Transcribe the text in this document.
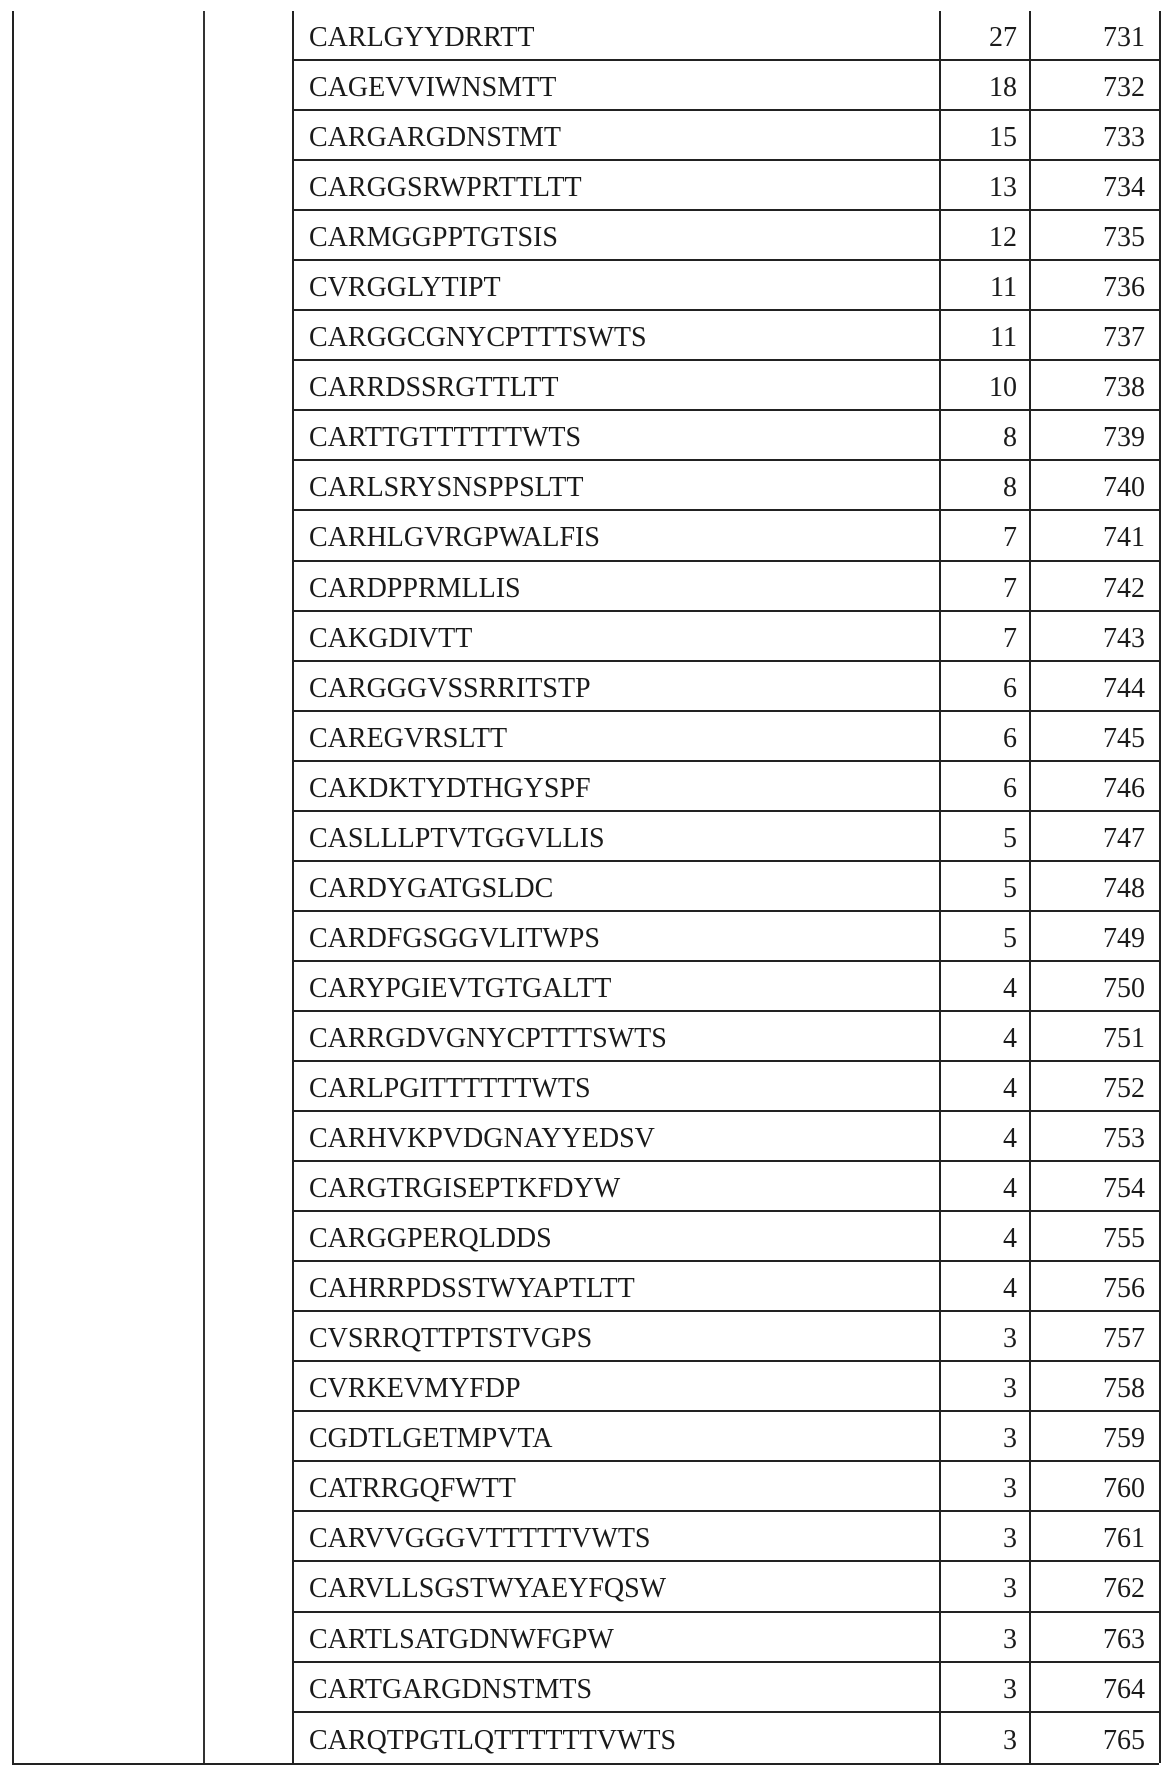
CARLGYYDRRTT	27	731
CAGEVVIWNSMTT	18	732
CARGARGDNSTMT	15	733
CARGGSRWPRTTLTT	13	734
CARMGGPPTGTSIS	12	735
CVRGGLYTIPT	11	736
CARGGCGNYCPTTTSWTS	11	737
CARRDSSRGTTLTT	10	738
CARTTGTTTTTTWTS	8	739
CARLSRYSNSPPSLTT	8	740
CARHLGVRGPWALFIS	7	741
CARDPPRMLLIS	7	742
CAKGDIVTT	7	743
CARGGGVSSRRITSTP	6	744
CAREGVRSLTT	6	745
CAKDKTYDTHGYSPF	6	746
CASLLLPTVTGGVLLIS	5	747
CARDYGATGSLDC	5	748
CARDFGSGGVLITWPS	5	749
CARYPGIEVTGTGALTT	4	750
CARRGDVGNYCPTTTSWTS	4	751
CARLPGITTTTTTWTS	4	752
CARHVKPVDGNAYYEDSV	4	753
CARGTRGISEPTKFDYW	4	754
CARGGPERQLDDS	4	755
CAHRRPDSSTWYAPTLTT	4	756
CVSRRQTTPTSTVGPS	3	757
CVRKEVMYFDP	3	758
CGDTLGETMPVTA	3	759
CATRRGQFWTT	3	760
CARVVGGGVTTTTTVWTS	3	761
CARVLLSGSTWYAEYFQSW	3	762
CARTLSATGDNWFGPW	3	763
CARTGARGDNSTMTS	3	764
CARQTPGTLQTTTTTTVWTS	3	765
